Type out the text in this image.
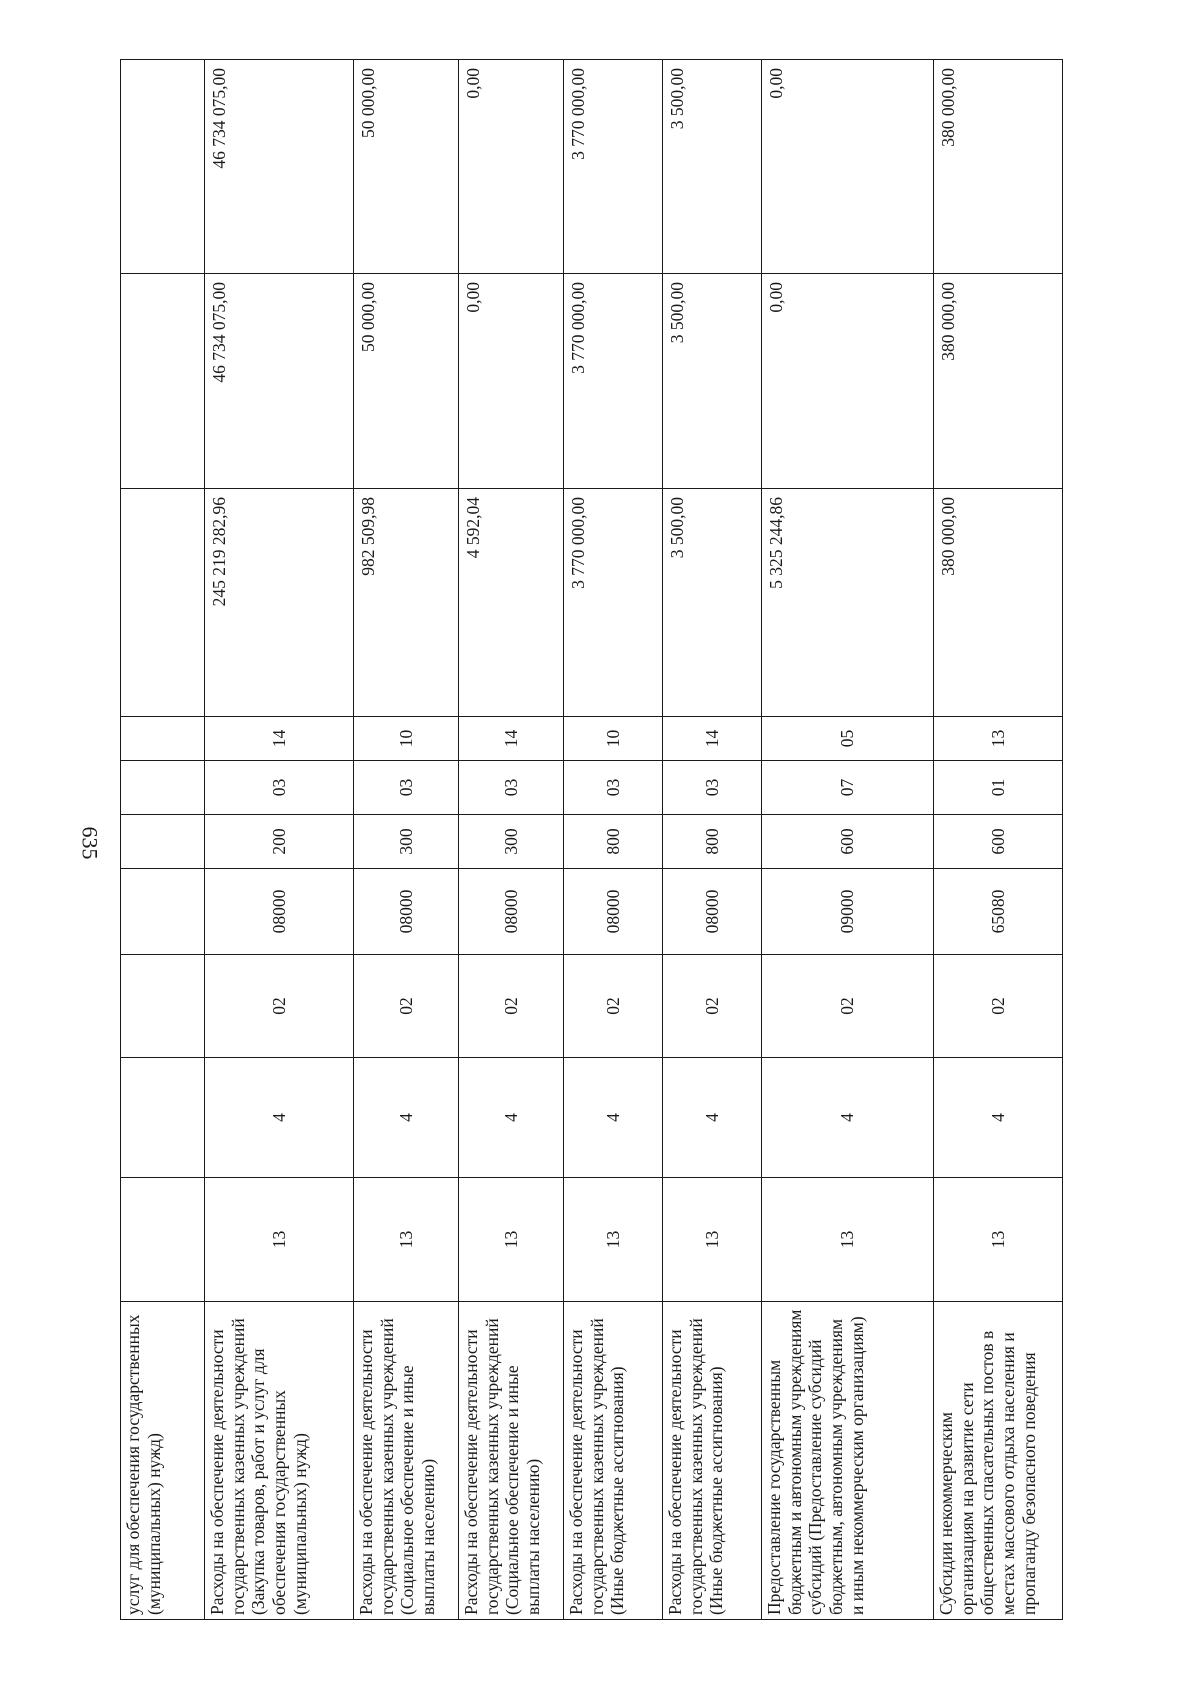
635
услуг для обеспечения государственных (муниципальных) нужд)										
Расходы на обеспечение деятельности государственных казенных учреждений (Закупка товаров, работ и услуг для обеспечения государственных (муниципальных) нужд)	13	4	02	08000	200	03	14	245 219 282,96	46 734 075,00	46 734 075,00
Расходы на обеспечение деятельности государственных казенных учреждений (Социальное обеспечение и иные выплаты населению)	13	4	02	08000	300	03	10	982 509,98	50 000,00	50 000,00
Расходы на обеспечение деятельности государственных казенных учреждений (Социальное обеспечение и иные выплаты населению)	13	4	02	08000	300	03	14	4 592,04	0,00	0,00
Расходы на обеспечение деятельности государственных казенных учреждений (Иные бюджетные ассигнования)	13	4	02	08000	800	03	10	3 770 000,00	3 770 000,00	3 770 000,00
Расходы на обеспечение деятельности государственных казенных учреждений (Иные бюджетные ассигнования)	13	4	02	08000	800	03	14	3 500,00	3 500,00	3 500,00
Предоставление государственным бюджетным и автономным учреждениям субсидий (Предоставление субсидий бюджетным, автономным учреждениям и иным некоммерческим организациям)	13	4	02	09000	600	07	05	5 325 244,86	0,00	0,00
Субсидии некоммерческим организациям на развитие сети общественных спасательных постов в местах массового отдыха населения и пропаганду безопасного поведения	13	4	02	65080	600	01	13	380 000,00	380 000,00	380 000,00
